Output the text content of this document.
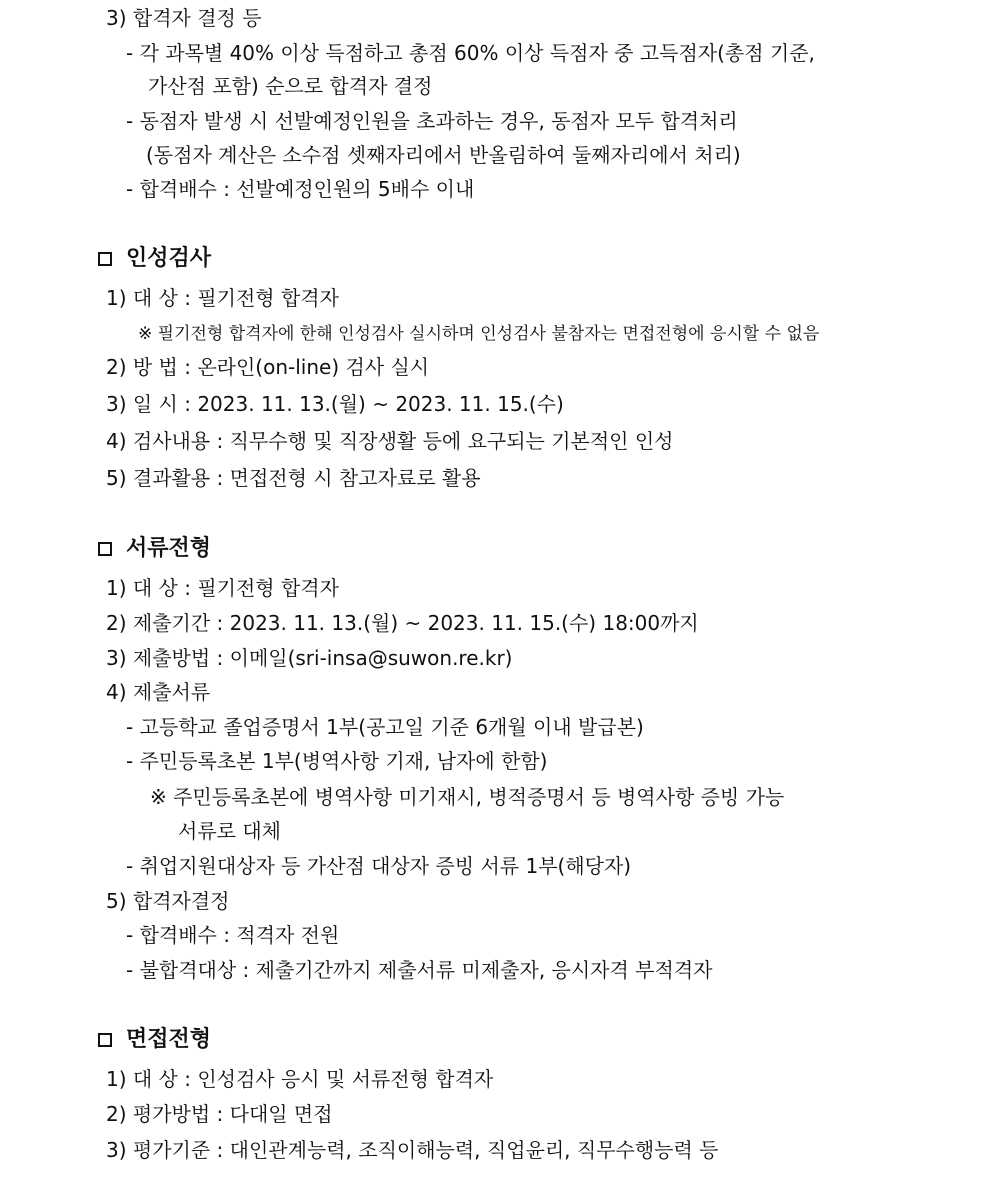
3) 합격자 결정 등
- 각 과목별 40% 이상 득점하고 총점 60% 이상 득점자 중 고득점자(총점 기준,
가산점 포함) 순으로 합격자 결정
- 동점자 발생 시 선발예정인원을 초과하는 경우, 동점자 모두 합격처리
(동점자 계산은 소수점 셋째자리에서 반올림하여 둘째자리에서 처리)
- 합격배수 : 선발예정인원의 5배수 이내
인성검사
1) 대 상 : 필기전형 합격자
※ 필기전형 합격자에 한해 인성검사 실시하며 인성검사 불참자는 면접전형에 응시할 수 없음
2) 방 법 : 온라인(on-line) 검사 실시
3) 일 시 : 2023. 11. 13.(월) ~ 2023. 11. 15.(수)
4) 검사내용 : 직무수행 및 직장생활 등에 요구되는 기본적인 인성
5) 결과활용 : 면접전형 시 참고자료로 활용
서류전형
1) 대 상 : 필기전형 합격자
2) 제출기간 : 2023. 11. 13.(월) ~ 2023. 11. 15.(수) 18:00까지
3) 제출방법 : 이메일(sri-insa@suwon.re.kr)
4) 제출서류
- 고등학교 졸업증명서 1부(공고일 기준 6개월 이내 발급본)
- 주민등록초본 1부(병역사항 기재, 남자에 한함)
※ 주민등록초본에 병역사항 미기재시, 병적증명서 등 병역사항 증빙 가능
서류로 대체
- 취업지원대상자 등 가산점 대상자 증빙 서류 1부(해당자)
5) 합격자결정
- 합격배수 : 적격자 전원
- 불합격대상 : 제출기간까지 제출서류 미제출자, 응시자격 부적격자
면접전형
1) 대 상 : 인성검사 응시 및 서류전형 합격자
2) 평가방법 : 다대일 면접
3) 평가기준 : 대인관계능력, 조직이해능력, 직업윤리, 직무수행능력 등
